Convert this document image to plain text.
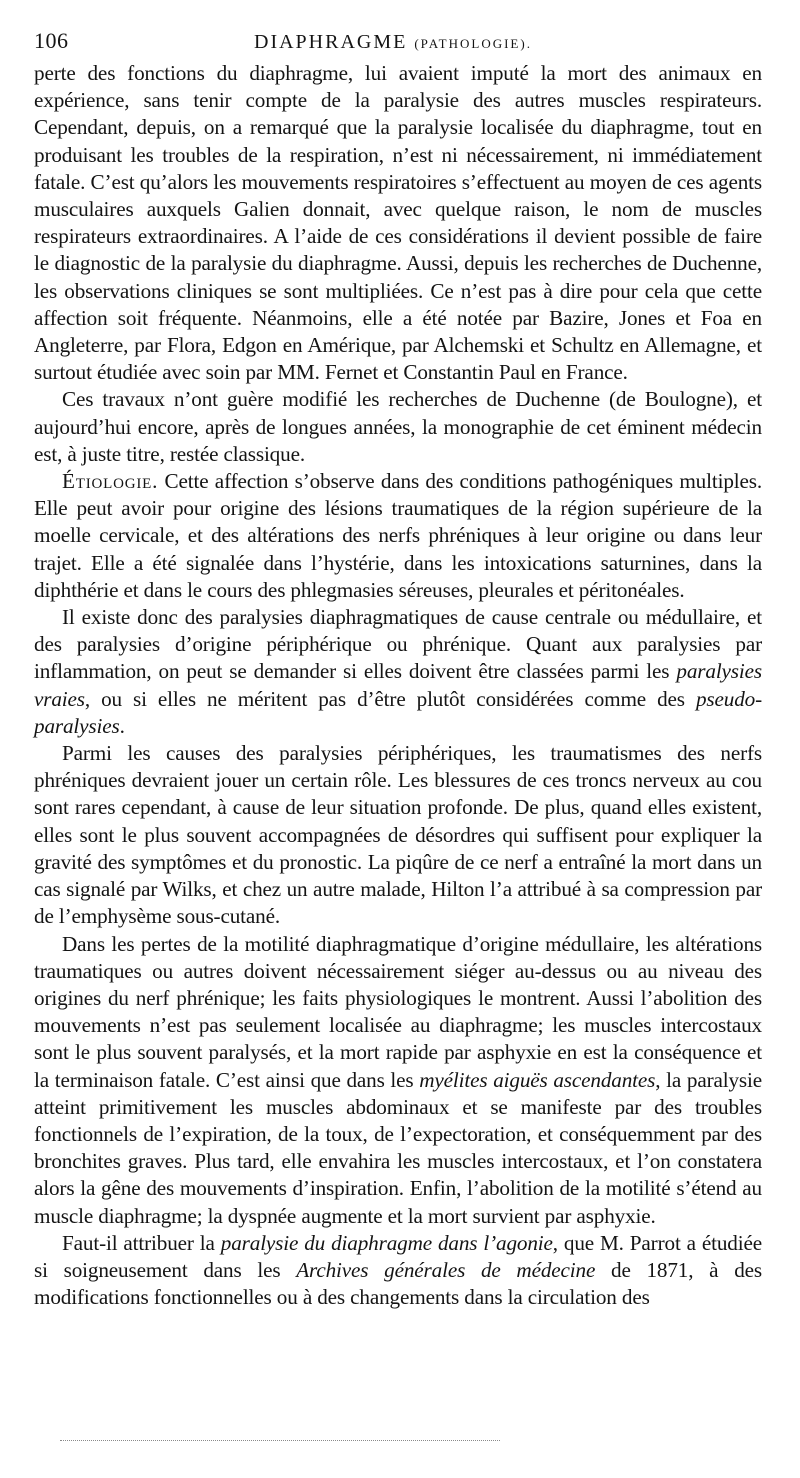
106	DIAPHRAGME (PATHOLOGIE).

perte des fonctions du diaphragme, lui avaient imputé la mort des animaux en expérience, sans tenir compte de la paralysie des autres muscles respirateurs. Cependant, depuis, on a remarqué que la paralysie localisée du diaphragme, tout en produisant les troubles de la respiration, n’est ni nécessairement, ni immédiatement fatale. C’est qu’alors les mouvements respiratoires s’effectuent au moyen de ces agents musculaires auxquels Galien donnait, avec quelque raison, le nom de muscles respirateurs extraordinaires. A l’aide de ces considérations il devient possible de faire le diagnostic de la paralysie du diaphragme. Aussi, depuis les recherches de Duchenne, les observations cliniques se sont multipliées. Ce n’est pas à dire pour cela que cette affection soit fréquente. Néanmoins, elle a été notée par Bazire, Jones et Foa en Angleterre, par Flora, Edgon en Amérique, par Alchemski et Schultz en Allemagne, et surtout étudiée avec soin par MM. Fernet et Constantin Paul en France.

Ces travaux n’ont guère modifié les recherches de Duchenne (de Boulogne), et aujourd’hui encore, après de longues années, la monographie de cet éminent médecin est, à juste titre, restée classique.

Étiologie. Cette affection s’observe dans des conditions pathogéniques multiples. Elle peut avoir pour origine des lésions traumatiques de la région supérieure de la moelle cervicale, et des altérations des nerfs phréniques à leur origine ou dans leur trajet. Elle a été signalée dans l’hystérie, dans les intoxications saturnines, dans la diphthérie et dans le cours des phlegmasies séreuses, pleurales et péritonéales.

Il existe donc des paralysies diaphragmatiques de cause centrale ou médullaire, et des paralysies d’origine périphérique ou phrénique. Quant aux paralysies par inflammation, on peut se demander si elles doivent être classées parmi les paralysies vraies, ou si elles ne méritent pas d’être plutôt considérées comme des pseudo-paralysies.

Parmi les causes des paralysies périphériques, les traumatismes des nerfs phréniques devraient jouer un certain rôle. Les blessures de ces troncs nerveux au cou sont rares cependant, à cause de leur situation profonde. De plus, quand elles existent, elles sont le plus souvent accompagnées de désordres qui suffisent pour expliquer la gravité des symptômes et du pronostic. La piqûre de ce nerf a entraîné la mort dans un cas signalé par Wilks, et chez un autre malade, Hilton l’a attribué à sa compression par de l’emphysème sous-cutané.

Dans les pertes de la motilité diaphragmatique d’origine médullaire, les altérations traumatiques ou autres doivent nécessairement siéger au-dessus ou au niveau des origines du nerf phrénique; les faits physiologiques le montrent. Aussi l’abolition des mouvements n’est pas seulement localisée au diaphragme; les muscles intercostaux sont le plus souvent paralysés, et la mort rapide par asphyxie en est la conséquence et la terminaison fatale. C’est ainsi que dans les myélites aiguës ascendantes, la paralysie atteint primitivement les muscles abdominaux et se manifeste par des troubles fonctionnels de l’expiration, de la toux, de l’expectoration, et conséquemment par des bronchites graves. Plus tard, elle envahira les muscles intercostaux, et l’on constatera alors la gêne des mouvements d’inspiration. Enfin, l’abolition de la motilité s’étend au muscle diaphragme; la dyspnée augmente et la mort survient par asphyxie.

Faut-il attribuer la paralysie du diaphragme dans l’agonie, que M. Parrot a étudiée si soigneusement dans les Archives générales de médecine de 1871, à des modifications fonctionnelles ou à des changements dans la circulation des
